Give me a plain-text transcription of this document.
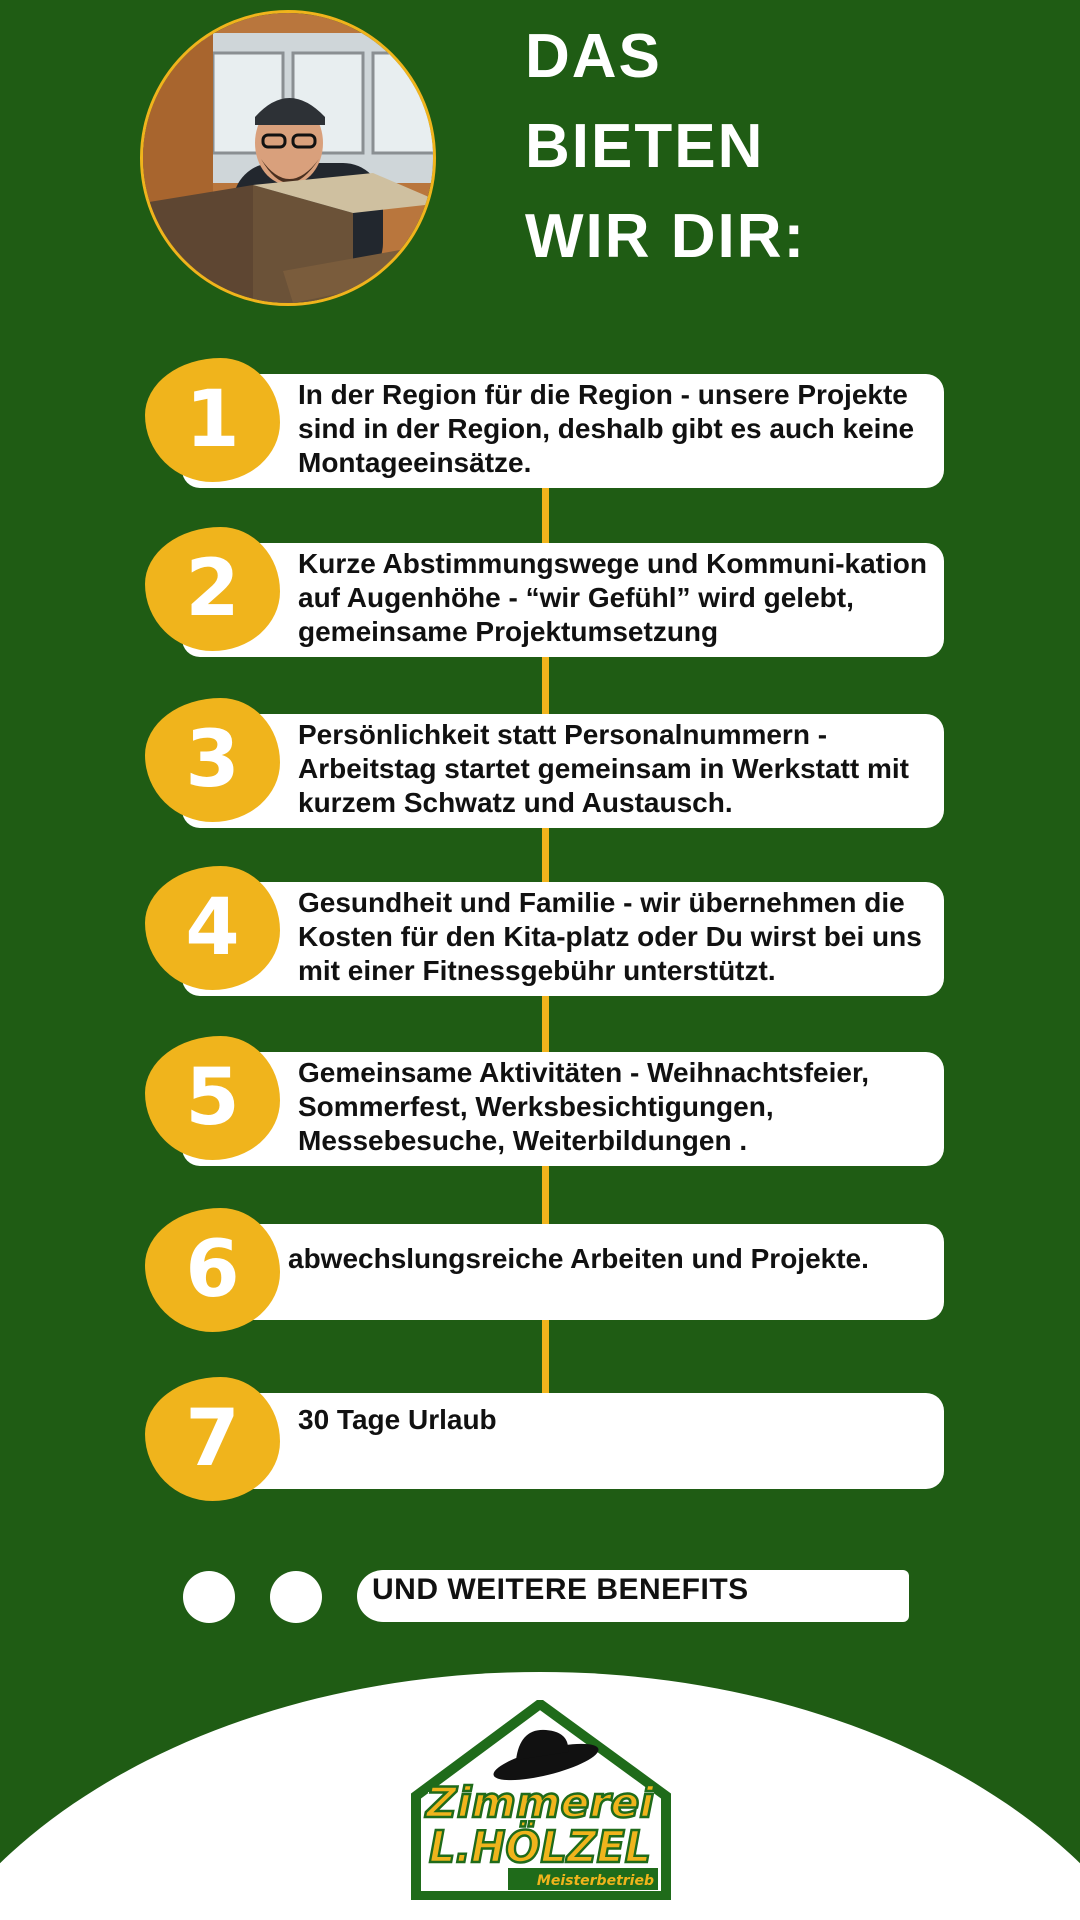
DAS
BIETEN
WIR DIR:
1	In der Region für die Region - unsere Projekte sind in der Region, deshalb gibt es auch keine Montageeinsätze.

2	Kurze Abstimmungswege und Kommuni-kation auf Augenhöhe - “wir Gefühl” wird gelebt, gemeinsame Projektumsetzung

3	Persönlichkeit statt Personalnummern - Arbeitstag startet gemeinsam in Werkstatt mit kurzem Schwatz und Austausch.

4	Gesundheit und Familie - wir übernehmen die Kosten für den Kita-platz oder Du wirst bei uns mit einer Fitnessgebühr unterstützt.

5	Gemeinsame Aktivitäten - Weihnachtsfeier, Sommerfest, Werksbesichtigungen, Messebesuche, Weiterbildungen .

6	abwechslungsreiche Arbeiten und Projekte.

7	30 Tage Urlaub

UND WEITERE BENEFITS

Zimmerei
L.HÖLZEL
Meisterbetrieb
